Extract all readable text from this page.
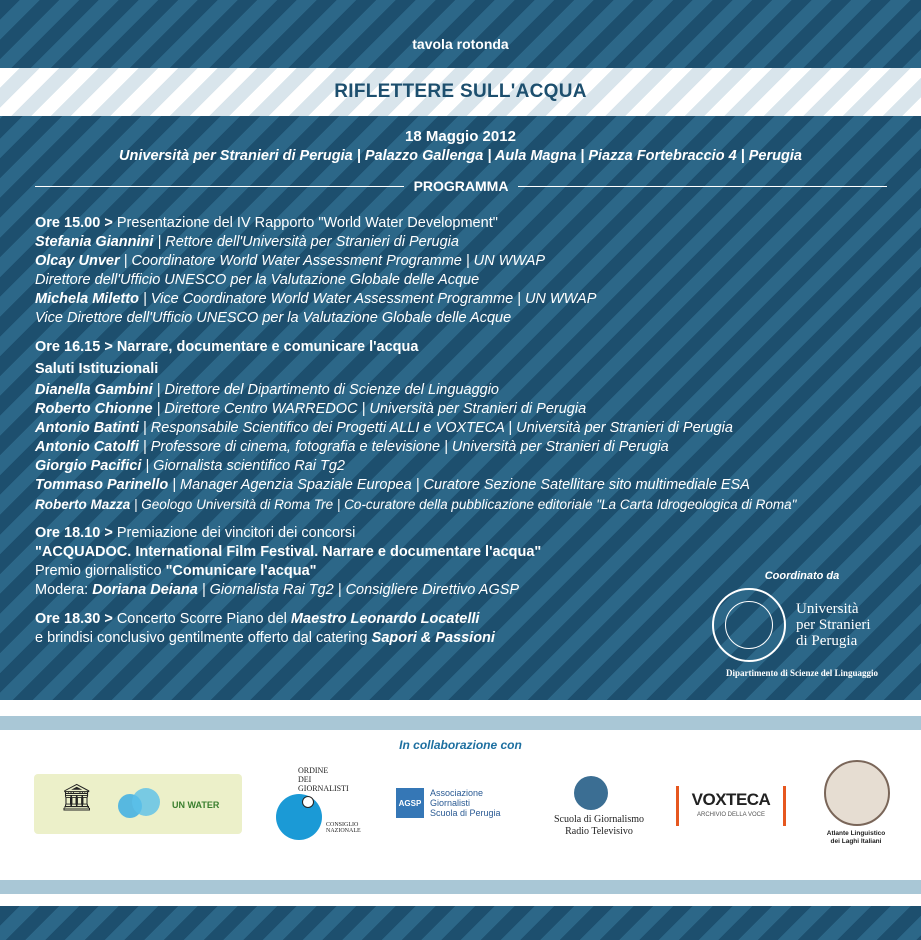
tavola rotonda
RIFLETTERE SULL'ACQUA
18 Maggio 2012
Università per Stranieri di Perugia | Palazzo Gallenga | Aula Magna | Piazza Fortebraccio 4 | Perugia
PROGRAMMA
Ore 15.00 > Presentazione del IV Rapporto "World Water Development"
Stefania Giannini | Rettore dell'Università per Stranieri di Perugia
Olcay Unver | Coordinatore World Water Assessment Programme | UN WWAP
Direttore dell'Ufficio UNESCO per la Valutazione Globale delle Acque
Michela Miletto | Vice Coordinatore World Water Assessment Programme | UN WWAP
Vice Direttore dell'Ufficio UNESCO per la Valutazione Globale delle Acque
Ore 16.15 > Narrare, documentare e comunicare l'acqua
Saluti Istituzionali
Dianella Gambini | Direttore del Dipartimento di Scienze del Linguaggio
Roberto Chionne | Direttore Centro WARREDOC | Università per Stranieri di Perugia
Antonio Batinti | Responsabile Scientifico dei Progetti ALLI e VOXTECA | Università per Stranieri di Perugia
Antonio Catolfi | Professore di cinema, fotografia e televisione | Università per Stranieri di Perugia
Giorgio Pacifici | Giornalista scientifico Rai Tg2
Tommaso Parinello | Manager Agenzia Spaziale Europea | Curatore Sezione Satellitare sito multimediale ESA
Roberto Mazza | Geologo Università di Roma Tre | Co-curatore della pubblicazione editoriale "La Carta Idrogeologica di Roma"
Ore 18.10 > Premiazione dei vincitori dei concorsi
"ACQUADOC. International Film Festival. Narrare e documentare l'acqua"
Premio giornalistico "Comunicare l'acqua"
Modera: Doriana Deiana | Giornalista Rai Tg2 | Consigliere Direttivo AGSP
Ore 18.30 > Concerto Scorre Piano del Maestro Leonardo Locatelli
e brindisi conclusivo gentilmente offerto dal catering Sapori & Passioni
Coordinato da
Università
per Stranieri
di Perugia
Dipartimento di Scienze del Linguaggio
In collaborazione con
🏛	UN WATER
ORDINE
DEI
GIORNALISTI
CONSIGLIO NAZIONALE
AGSP
Associazione
Giornalisti
Scuola di Perugia
Scuola di Giornalismo
Radio Televisivo
VOXTECA
ARCHIVIO DELLA VOCE
Atlante Linguistico
dei Laghi Italiani
